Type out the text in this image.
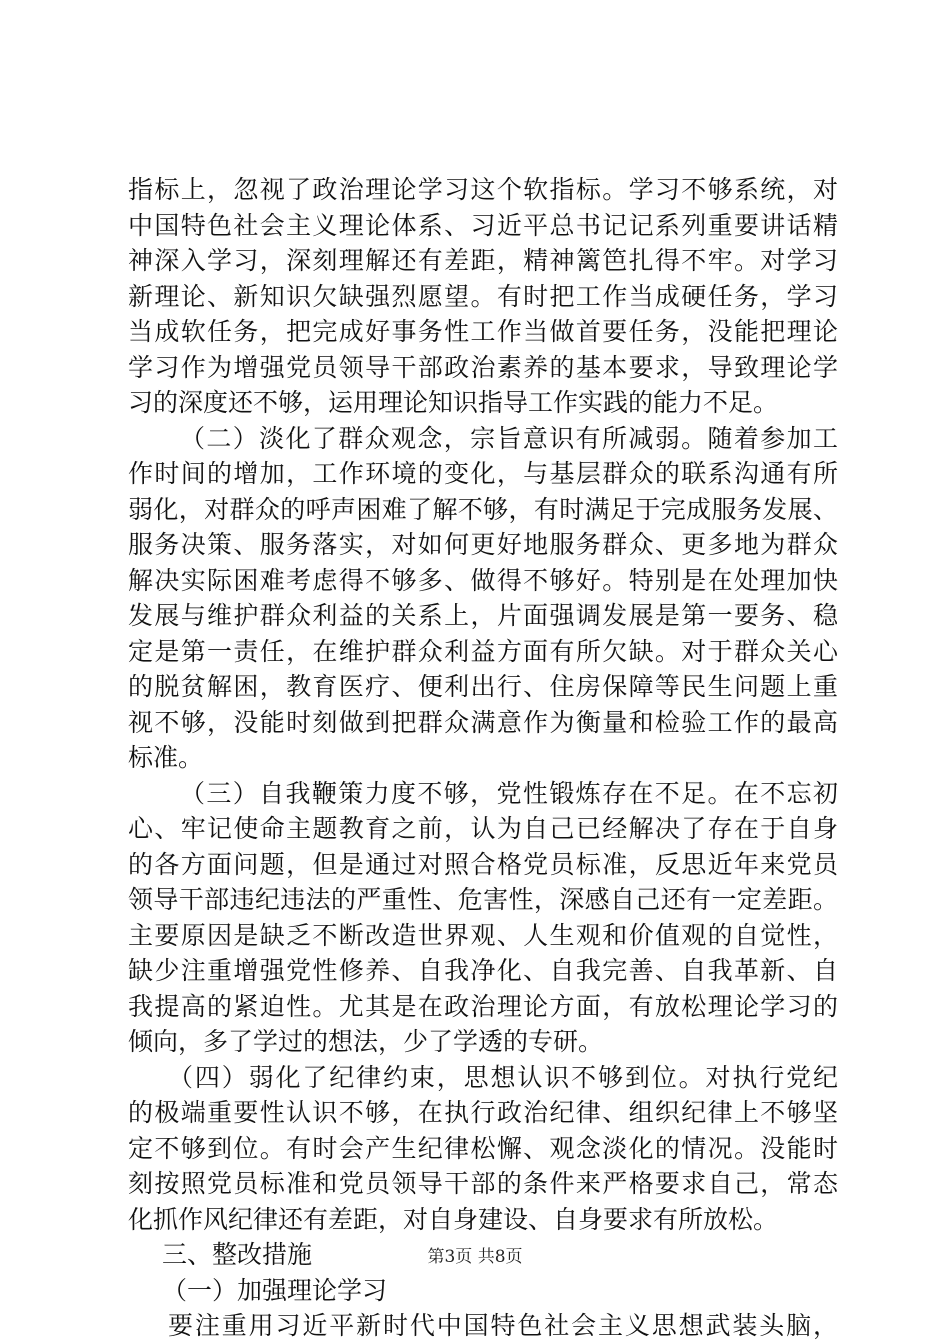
指标上，忽视了政治理论学习这个软指标。学习不够系统，对
中国特色社会主义理论体系、习近平总书记记系列重要讲话精
神深入学习，深刻理解还有差距，精神篱笆扎得不牢。对学习
新理论、新知识欠缺强烈愿望。有时把工作当成硬任务，学习
当成软任务，把完成好事务性工作当做首要任务，没能把理论
学习作为增强党员领导干部政治素养的基本要求，导致理论学
习的深度还不够，运用理论知识指导工作实践的能力不足。
（二）淡化了群众观念，宗旨意识有所减弱。随着参加工
作时间的增加，工作环境的变化，与基层群众的联系沟通有所
弱化，对群众的呼声困难了解不够，有时满足于完成服务发展、
服务决策、服务落实，对如何更好地服务群众、更多地为群众
解决实际困难考虑得不够多、做得不够好。特别是在处理加快
发展与维护群众利益的关系上，片面强调发展是第一要务、稳
定是第一责任，在维护群众利益方面有所欠缺。对于群众关心
的脱贫解困，教育医疗、便利出行、住房保障等民生问题上重
视不够，没能时刻做到把群众满意作为衡量和检验工作的最高
标准。
（三）自我鞭策力度不够，党性锻炼存在不足。在不忘初
心、牢记使命主题教育之前，认为自己已经解决了存在于自身
的各方面问题，但是通过对照合格党员标准，反思近年来党员
领导干部违纪违法的严重性、危害性，深感自己还有一定差距。
主要原因是缺乏不断改造世界观、人生观和价值观的自觉性，
缺少注重增强党性修养、自我净化、自我完善、自我革新、自
我提高的紧迫性。尤其是在政治理论方面，有放松理论学习的
倾向，多了学过的想法，少了学透的专研。
（四）弱化了纪律约束，思想认识不够到位。对执行党纪
的极端重要性认识不够，在执行政治纪律、组织纪律上不够坚
定不够到位。有时会产生纪律松懈、观念淡化的情况。没能时
刻按照党员标准和党员领导干部的条件来严格要求自己，常态
化抓作风纪律还有差距，对自身建设、自身要求有所放松。
三、整改措施
（一）加强理论学习
要注重用习近平新时代中国特色社会主义思想武装头脑，
第3页 共8页
